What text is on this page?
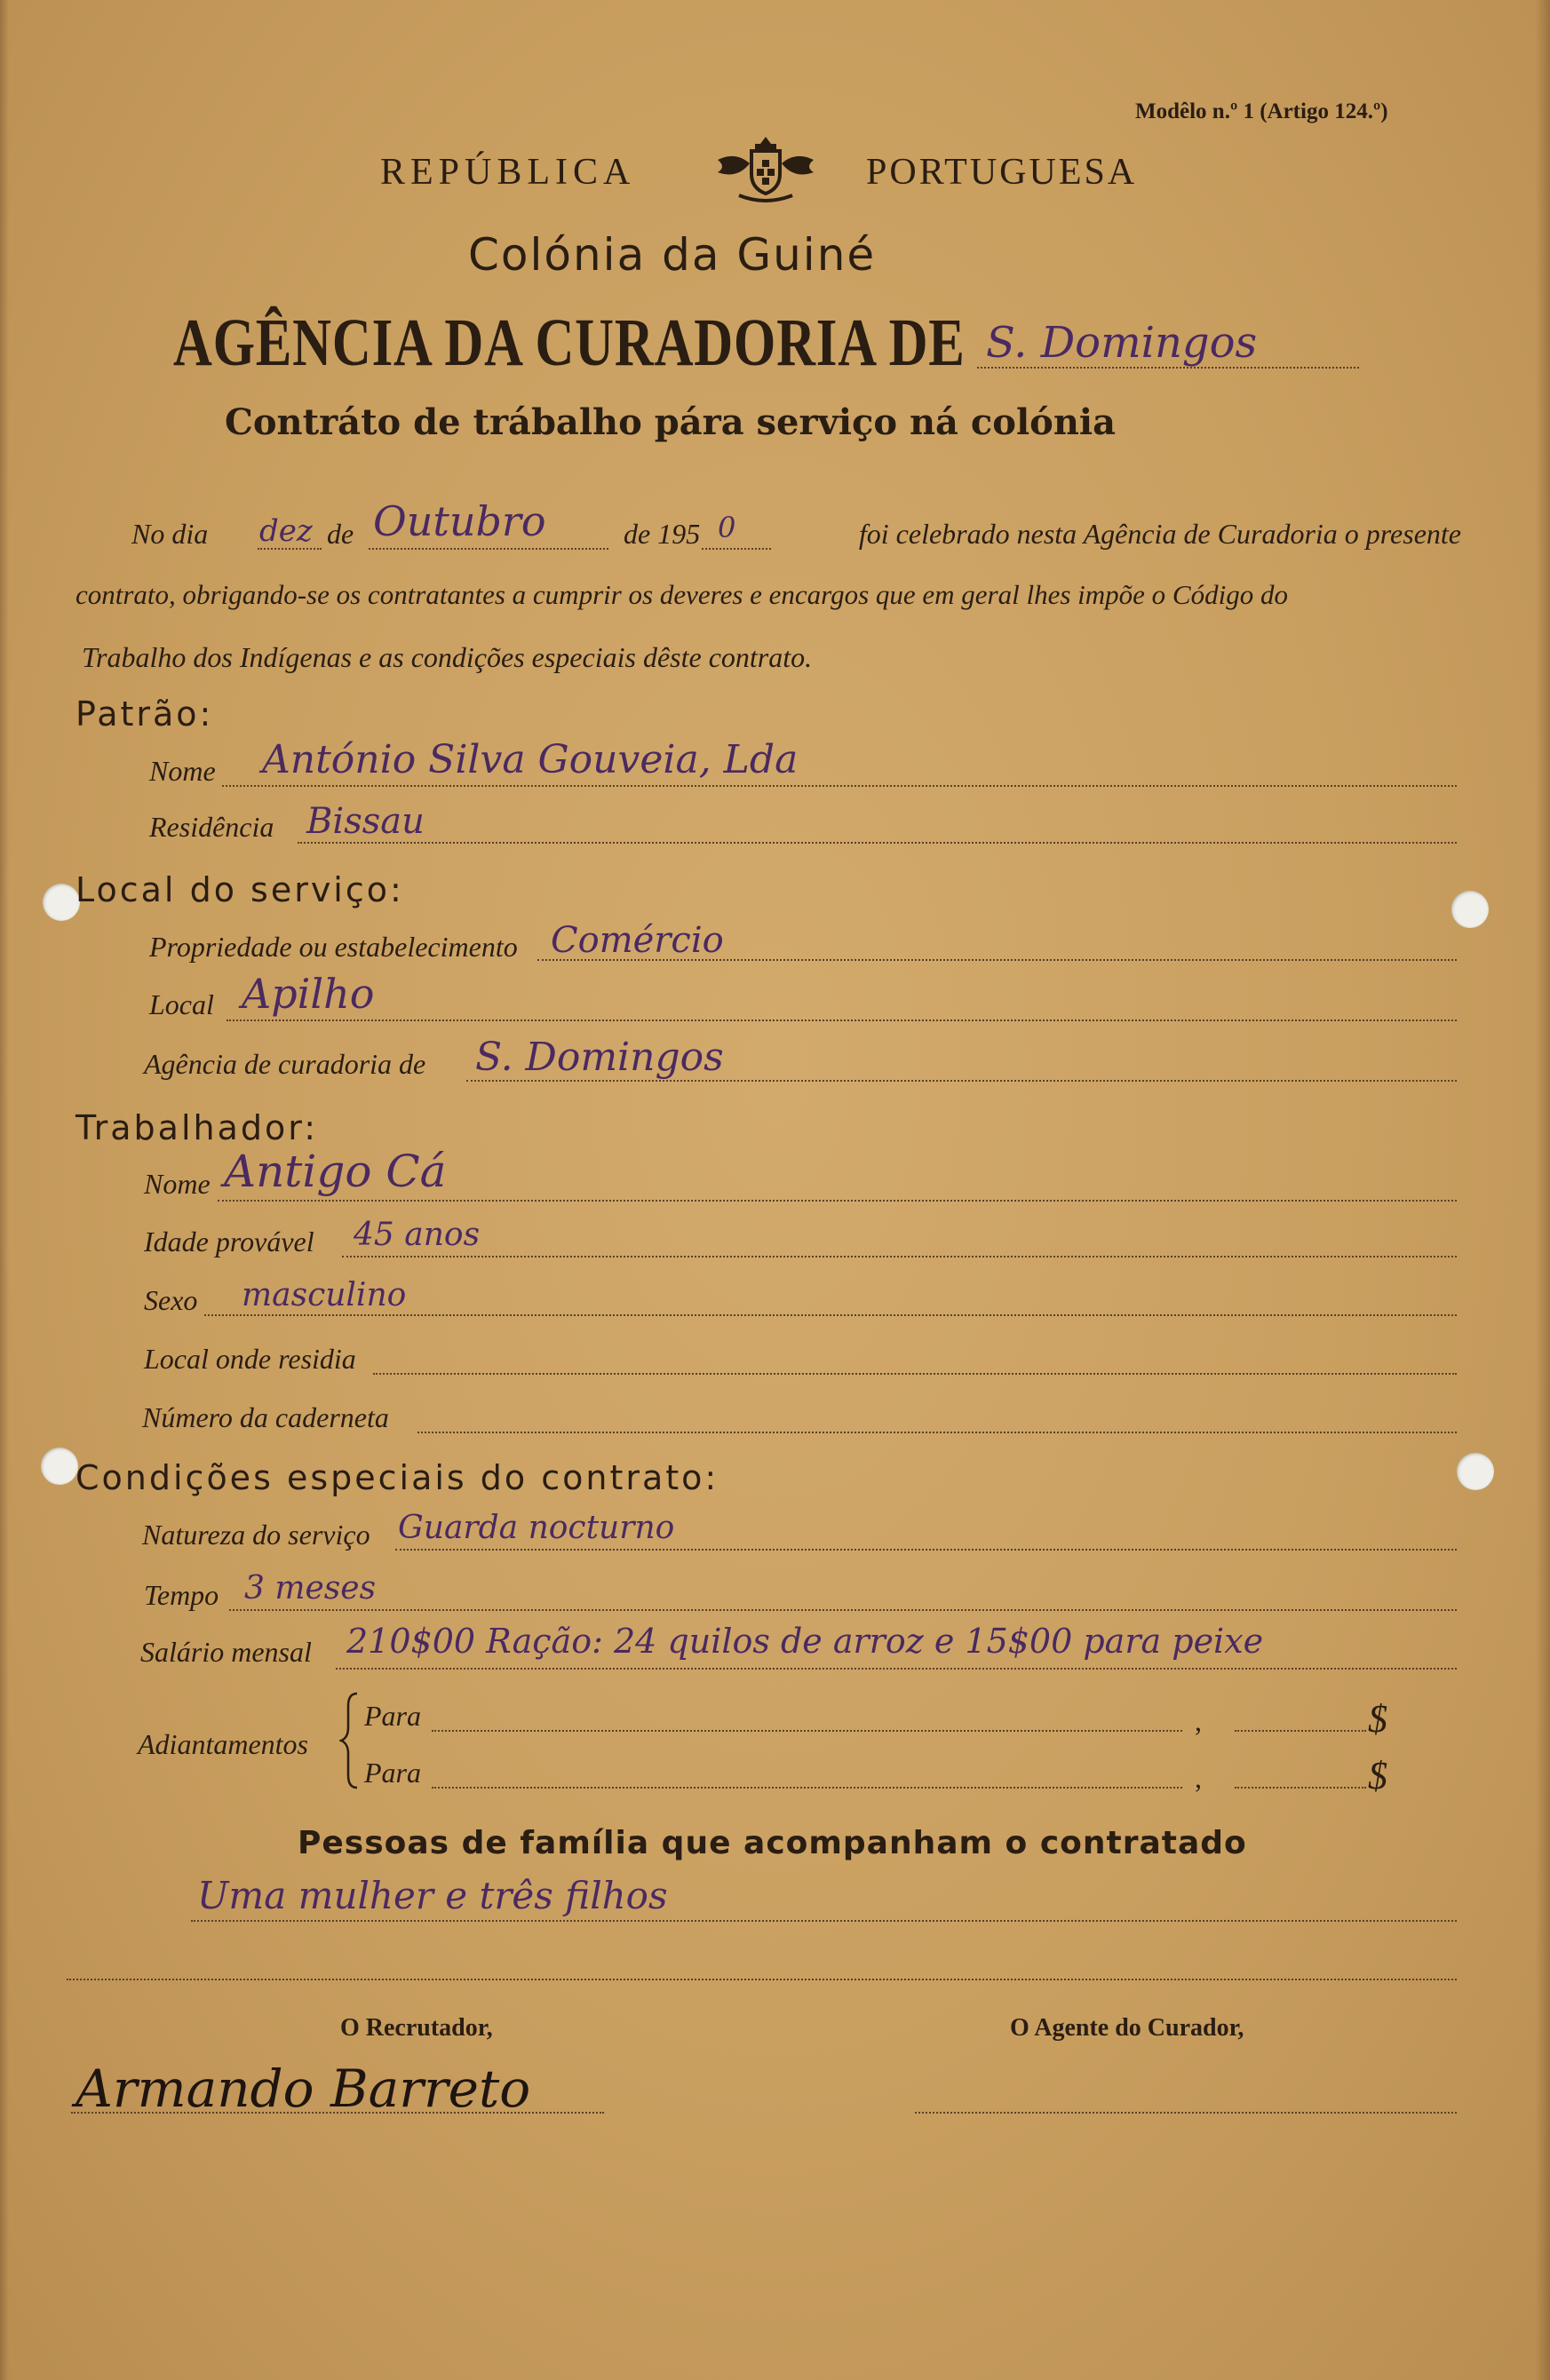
Modêlo n.º 1 (Artigo 124.º)
REPÚBLICA	PORTUGUESA
Colónia da Guiné
AGÊNCIA DA CURADORIA DE S. Domingos
Contráto de trábalho pára serviço ná colónia
No dia dez de Outubro	de 195 0	foi celebrado nesta Agência de Curadoria o presente
contrato, obrigando-se os contratantes a cumprir os deveres e encargos que em geral lhes impõe o Código do
Trabalho dos Indígenas e as condições especiais dêste contrato.
Patrão:
Nome António Silva Gouveia, Lda
Residência Bissau
Local do serviço:
Propriedade ou estabelecimento Comércio
Local Apilho
Agência de curadoria de S. Domingos
Trabalhador:
Nome Antigo Cá
Idade provável 45 anos
Sexo masculino
Local onde residia
Número da caderneta
Condições especiais do contrato:
Natureza do serviço Guarda nocturno
Tempo 3 meses
Salário mensal 210$00 Ração: 24 quilos de arroz e 15$00 para peixe
Adiantamentos
Para	,	$
Para	,	$
Pessoas de família que acompanham o contratado
Uma mulher e três filhos
O Recrutador,
Armando Barreto
O Agente do Curador,
